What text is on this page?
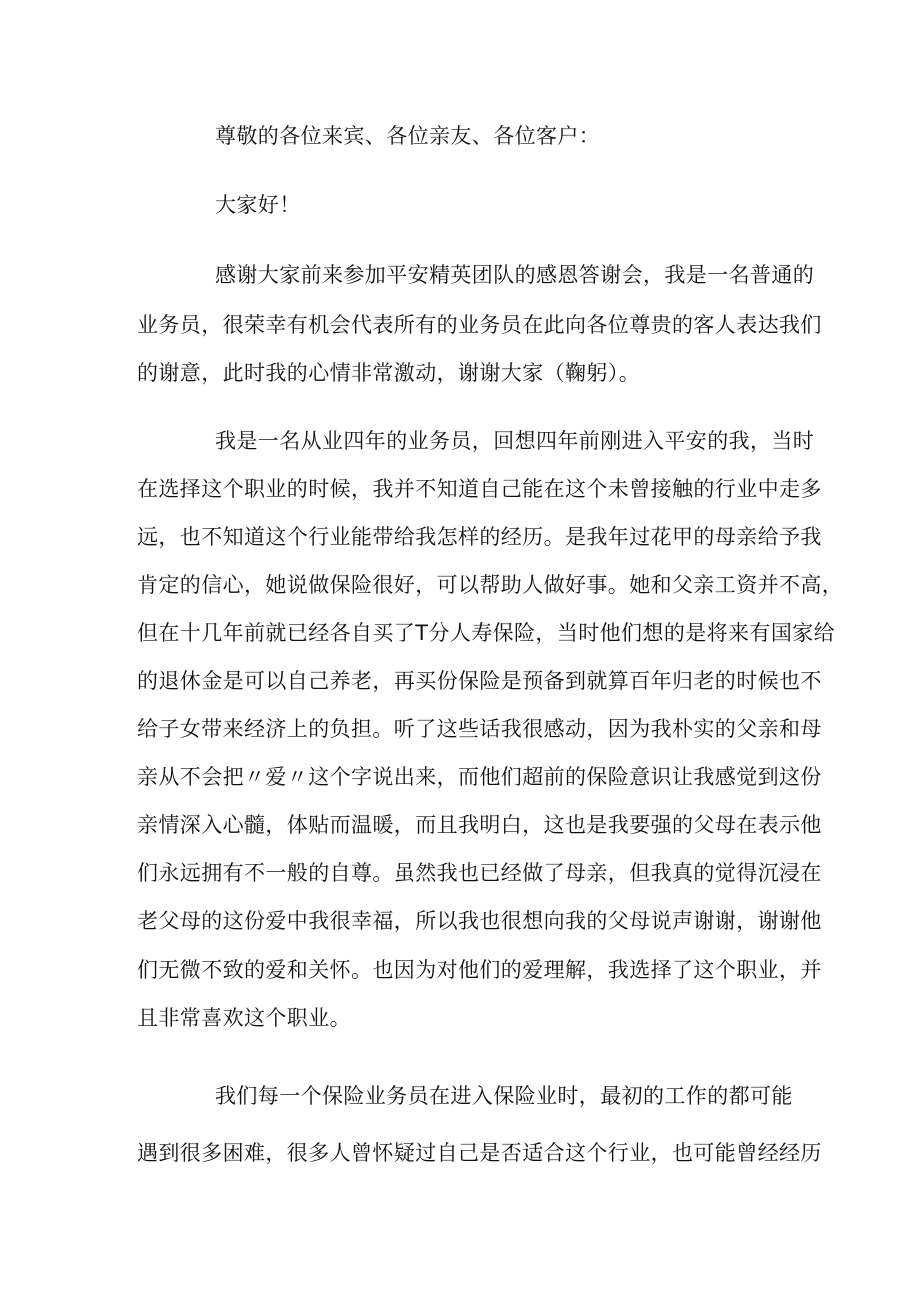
尊敬的各位来宾、各位亲友、各位客户：
大家好！
感谢大家前来参加平安精英团队的感恩答谢会，我是一名普通的
业务员，很荣幸有机会代表所有的业务员在此向各位尊贵的客人表达我们
的谢意，此时我的心情非常激动，谢谢大家（鞠躬）。
我是一名从业四年的业务员，回想四年前刚进入平安的我，当时
在选择这个职业的时候，我并不知道自己能在这个未曾接触的行业中走多
远，也不知道这个行业能带给我怎样的经历。是我年过花甲的母亲给予我
肯定的信心，她说做保险很好，可以帮助人做好事。她和父亲工资并不高，
但在十几年前就已经各自买了T分人寿保险，当时他们想的是将来有国家给
的退休金是可以自己养老，再买份保险是预备到就算百年归老的时候也不
给子女带来经济上的负担。听了这些话我很感动，因为我朴实的父亲和母
亲从不会把〃爱〃这个字说出来，而他们超前的保险意识让我感觉到这份
亲情深入心髓，体贴而温暖，而且我明白，这也是我要强的父母在表示他
们永远拥有不一般的自尊。虽然我也已经做了母亲，但我真的觉得沉浸在
老父母的这份爱中我很幸福，所以我也很想向我的父母说声谢谢，谢谢他
们无微不致的爱和关怀。也因为对他们的爱理解，我选择了这个职业，并
且非常喜欢这个职业。
我们每一个保险业务员在进入保险业时，最初的工作的都可能
遇到很多困难，很多人曾怀疑过自己是否适合这个行业，也可能曾经经历
